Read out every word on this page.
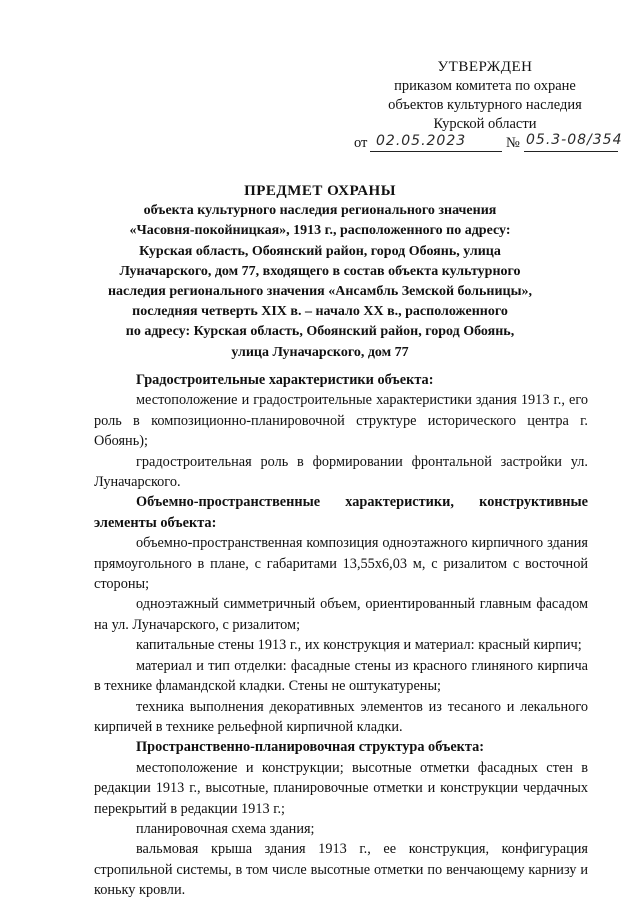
УТВЕРЖДЕН
приказом комитета по охране
объектов культурного наследия
Курской области
от 02.05.2023	№ 05.3-08/354
ПРЕДМЕТ ОХРАНЫ
объекта культурного наследия регионального значения
«Часовня-покойницкая», 1913 г., расположенного по адресу:
Курская область, Обоянский район, город Обоянь, улица
Луначарского, дом 77, входящего в состав объекта культурного
наследия регионального значения «Ансамбль Земской больницы»,
последняя четверть XIX в. – начало XX в., расположенного
по адресу: Курская область, Обоянский район, город Обоянь,
улица Луначарского, дом 77

Градостроительные характеристики объекта:

местоположение и градостроительные характеристики здания 1913 г., его роль в композиционно-планировочной структуре исторического центра г. Обоянь);

градостроительная роль в формировании фронтальной застройки ул. Луначарского.

Объемно-пространственные характеристики, конструктивные элементы объекта:

объемно-пространственная композиция одноэтажного кирпичного здания прямоугольного в плане, с габаритами 13,55х6,03 м, с ризалитом с восточной стороны;

одноэтажный симметричный объем, ориентированный главным фасадом на ул. Луначарского, с ризалитом;

капитальные стены 1913 г., их конструкция и материал: красный кирпич;

материал и тип отделки: фасадные стены из красного глиняного кирпича в технике фламандской кладки. Стены не оштукатурены;

техника выполнения декоративных элементов из тесаного и лекального кирпичей в технике рельефной кирпичной кладки.

Пространственно-планировочная структура объекта:

местоположение и конструкции; высотные отметки фасадных стен в редакции 1913 г., высотные, планировочные отметки и конструкции чердачных перекрытий в редакции 1913 г.;

планировочная схема здания;

вальмовая крыша здания 1913 г., ее конструкция, конфигурация стропильной системы, в том числе высотные отметки по венчающему карнизу и коньку кровли.
